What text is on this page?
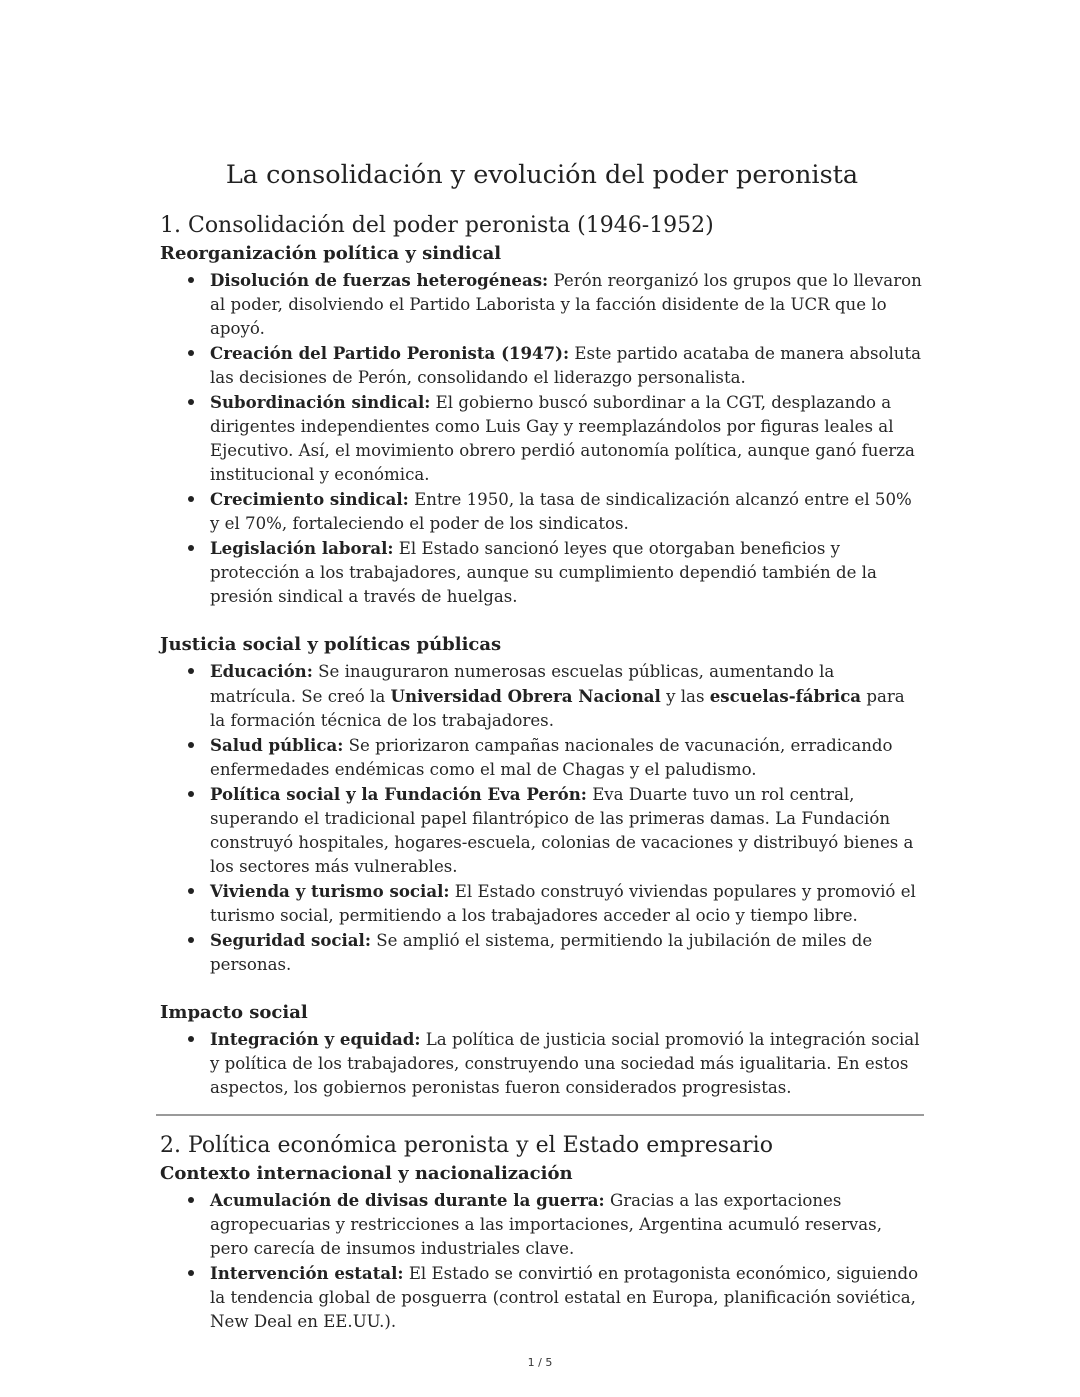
La consolidación y evolución del poder peronista
1. Consolidación del poder peronista (1946-1952)
Reorganización política y sindical
Disolución de fuerzas heterogéneas: Perón reorganizó los grupos que lo llevaron al poder, disolviendo el Partido Laborista y la facción disidente de la UCR que lo apoyó.
Creación del Partido Peronista (1947): Este partido acataba de manera absoluta las decisiones de Perón, consolidando el liderazgo personalista.
Subordinación sindical: El gobierno buscó subordinar a la CGT, desplazando a dirigentes independientes como Luis Gay y reemplazándolos por figuras leales al Ejecutivo. Así, el movimiento obrero perdió autonomía política, aunque ganó fuerza institucional y económica.
Crecimiento sindical: Entre 1950, la tasa de sindicalización alcanzó entre el 50% y el 70%, fortaleciendo el poder de los sindicatos.
Legislación laboral: El Estado sancionó leyes que otorgaban beneficios y protección a los trabajadores, aunque su cumplimiento dependió también de la presión sindical a través de huelgas.
Justicia social y políticas públicas
Educación: Se inauguraron numerosas escuelas públicas, aumentando la matrícula. Se creó la Universidad Obrera Nacional y las escuelas-fábrica para la formación técnica de los trabajadores.
Salud pública: Se priorizaron campañas nacionales de vacunación, erradicando enfermedades endémicas como el mal de Chagas y el paludismo.
Política social y la Fundación Eva Perón: Eva Duarte tuvo un rol central, superando el tradicional papel filantrópico de las primeras damas. La Fundación construyó hospitales, hogares-escuela, colonias de vacaciones y distribuyó bienes a los sectores más vulnerables.
Vivienda y turismo social: El Estado construyó viviendas populares y promovió el turismo social, permitiendo a los trabajadores acceder al ocio y tiempo libre.
Seguridad social: Se amplió el sistema, permitiendo la jubilación de miles de personas.
Impacto social
Integración y equidad: La política de justicia social promovió la integración social y política de los trabajadores, construyendo una sociedad más igualitaria. En estos aspectos, los gobiernos peronistas fueron considerados progresistas.
2. Política económica peronista y el Estado empresario
Contexto internacional y nacionalización
Acumulación de divisas durante la guerra: Gracias a las exportaciones agropecuarias y restricciones a las importaciones, Argentina acumuló reservas, pero carecía de insumos industriales clave.
Intervención estatal: El Estado se convirtió en protagonista económico, siguiendo la tendencia global de posguerra (control estatal en Europa, planificación soviética, New Deal en EE.UU.).
1 / 5
